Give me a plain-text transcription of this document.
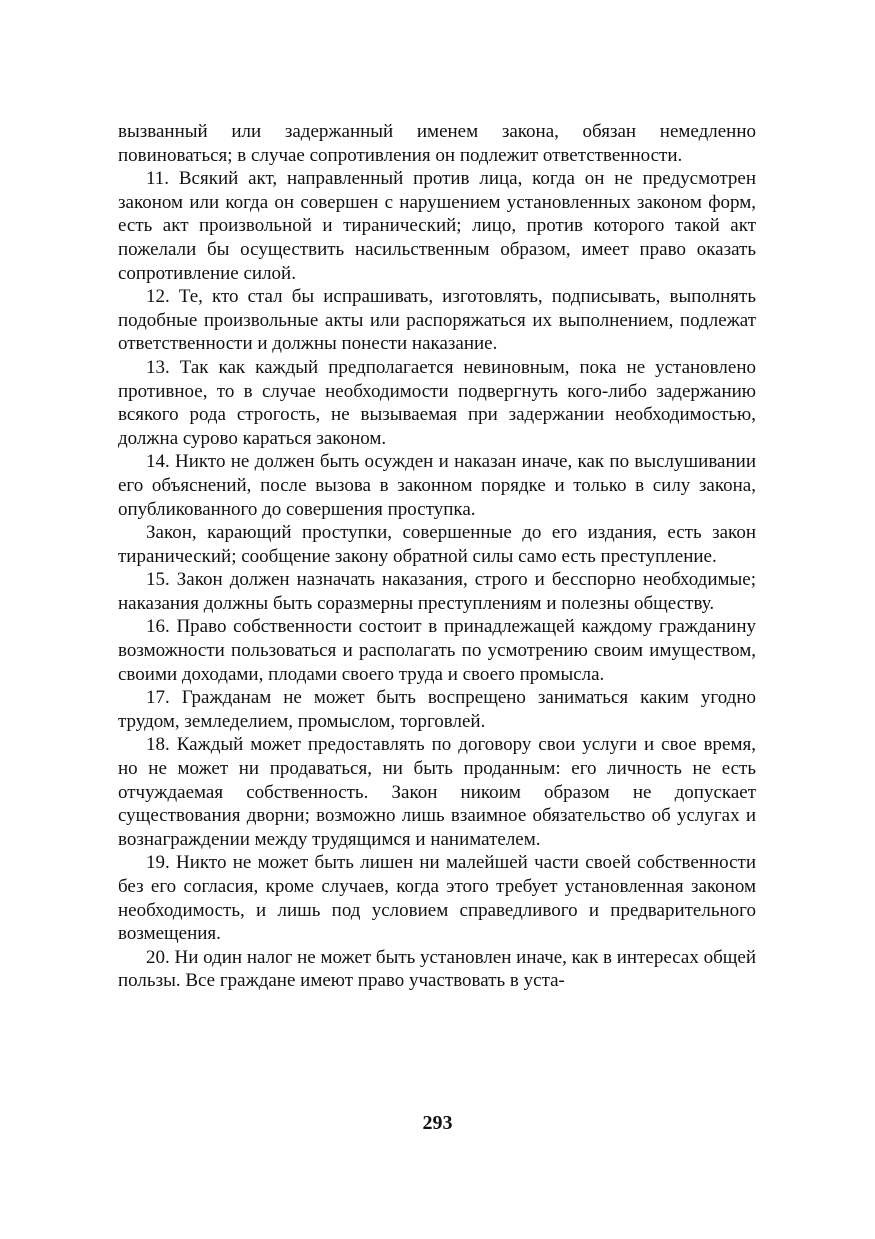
вызванный или задержанный именем закона, обязан немедленно повиноваться; в случае сопротивления он подлежит ответственности.

11. Всякий акт, направленный против лица, когда он не предусмотрен законом или когда он совершен с нарушением установленных законом форм, есть акт произвольной и тиранический; лицо, против которого такой акт пожелали бы осуществить насильственным образом, имеет право оказать сопротивление силой.

12. Те, кто стал бы испрашивать, изготовлять, подписывать, выполнять подобные произвольные акты или распоряжаться их выполнением, подлежат ответственности и должны понести наказание.

13. Так как каждый предполагается невиновным, пока не установлено противное, то в случае необходимости подвергнуть кого-либо задержанию всякого рода строгость, не вызываемая при задержании необходимостью, должна сурово караться законом.

14. Никто не должен быть осужден и наказан иначе, как по выслушивании его объяснений, после вызова в законном порядке и только в силу закона, опубликованного до совершения проступка.

Закон, карающий проступки, совершенные до его издания, есть закон тиранический; сообщение закону обратной силы само есть преступление.

15. Закон должен назначать наказания, строго и бесспорно необходимые; наказания должны быть соразмерны преступлениям и полезны обществу.

16. Право собственности состоит в принадлежащей каждому гражданину возможности пользоваться и располагать по усмотрению своим имуществом, своими доходами, плодами своего труда и своего промысла.

17. Гражданам не может быть воспрещено заниматься каким угодно трудом, земледелием, промыслом, торговлей.

18. Каждый может предоставлять по договору свои услуги и свое время, но не может ни продаваться, ни быть проданным: его личность не есть отчуждаемая собственность. Закон никоим образом не допускает существования дворни; возможно лишь взаимное обязательство об услугах и вознаграждении между трудящимся и нанимателем.

19. Никто не может быть лишен ни малейшей части своей собственности без его согласия, кроме случаев, когда этого требует установленная законом необходимость, и лишь под условием справедливого и предварительного возмещения.

20. Ни один налог не может быть установлен иначе, как в интересах общей пользы. Все граждане имеют право участвовать в уста-

293
